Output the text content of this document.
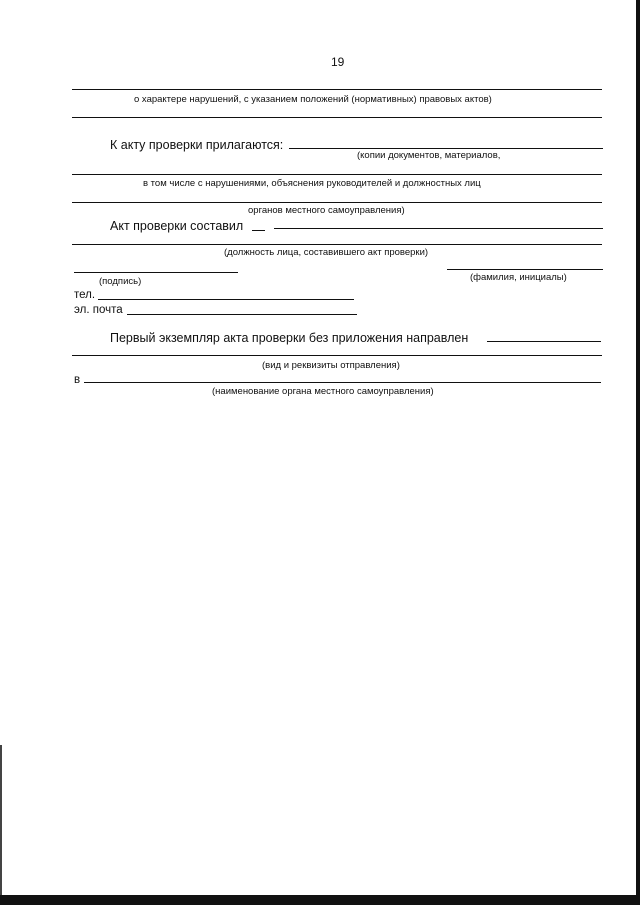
19
о характере нарушений, с указанием положений (нормативных) правовых актов)
К акту проверки прилагаются:
(копии документов, материалов,
в том числе с нарушениями, объяснения руководителей и должностных лиц
органов местного самоуправления)
Акт проверки составил
(должность лица, составившего акт проверки)
(подпись)	(фамилия, инициалы)
тел.
эл. почта
Первый экземпляр акта проверки без приложения направлен
(вид и реквизиты отправления)
в
(наименование органа местного самоуправления)
